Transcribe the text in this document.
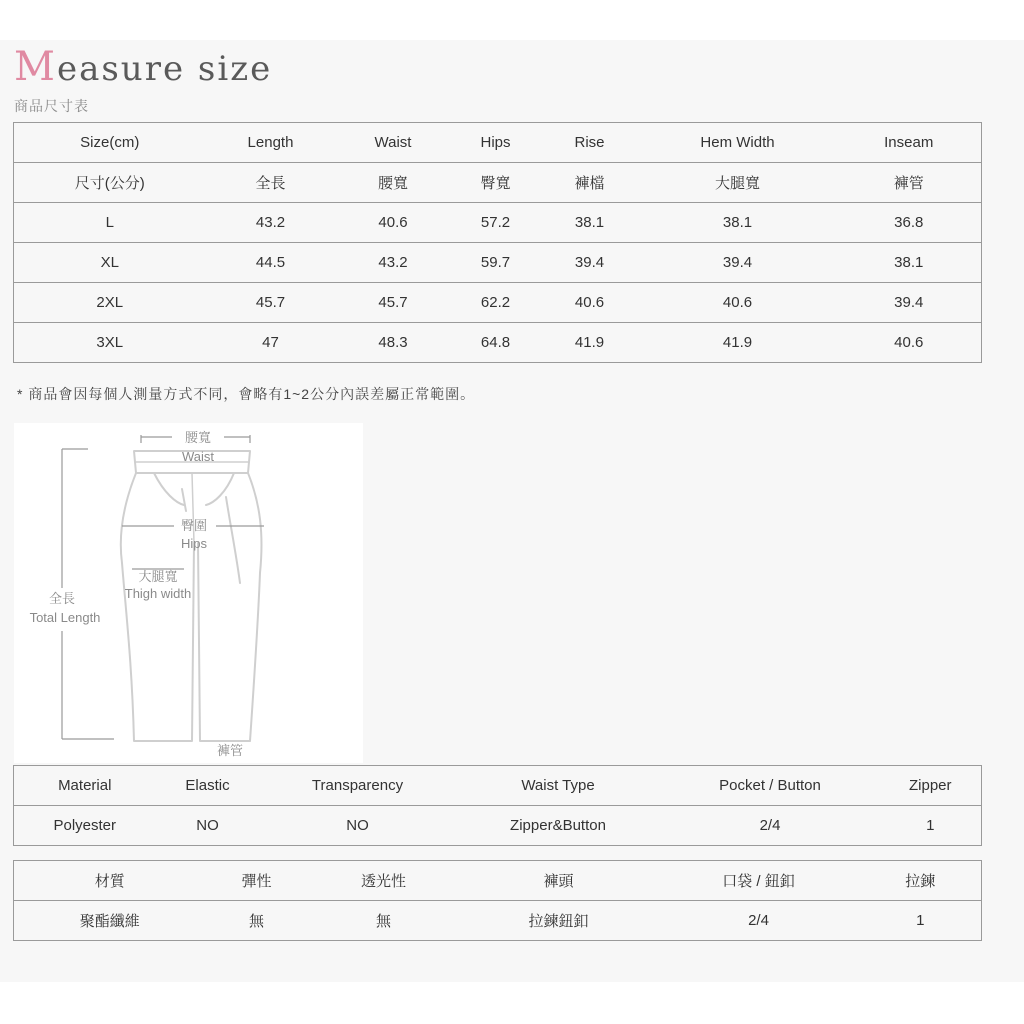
Measure size
商品尺寸表
Size(cm)	Length	Waist	Hips	Rise	Hem Width	Inseam
尺寸(公分)	全長	腰寬	臀寬	褲檔	大腿寬	褲管
L	43.2	40.6	57.2	38.1	38.1	36.8
XL	44.5	43.2	59.7	39.4	39.4	38.1
2XL	45.7	45.7	62.2	40.6	40.6	39.4
3XL	47	48.3	64.8	41.9	41.9	40.6
* 商品會因每個人測量方式不同，會略有1~2公分內誤差屬正常範圍。
腰寬
Waist
臀圍
Hips
大腿寬
Thigh width
全長
Total Length
褲管
Material	Elastic	Transparency	Waist Type	Pocket / Button	Zipper
Polyester	NO	NO	Zipper&Button	2/4	1
材質	彈性	透光性	褲頭	口袋 / 鈕釦	拉鍊
聚酯纖維	無	無	拉鍊鈕釦	2/4	1
